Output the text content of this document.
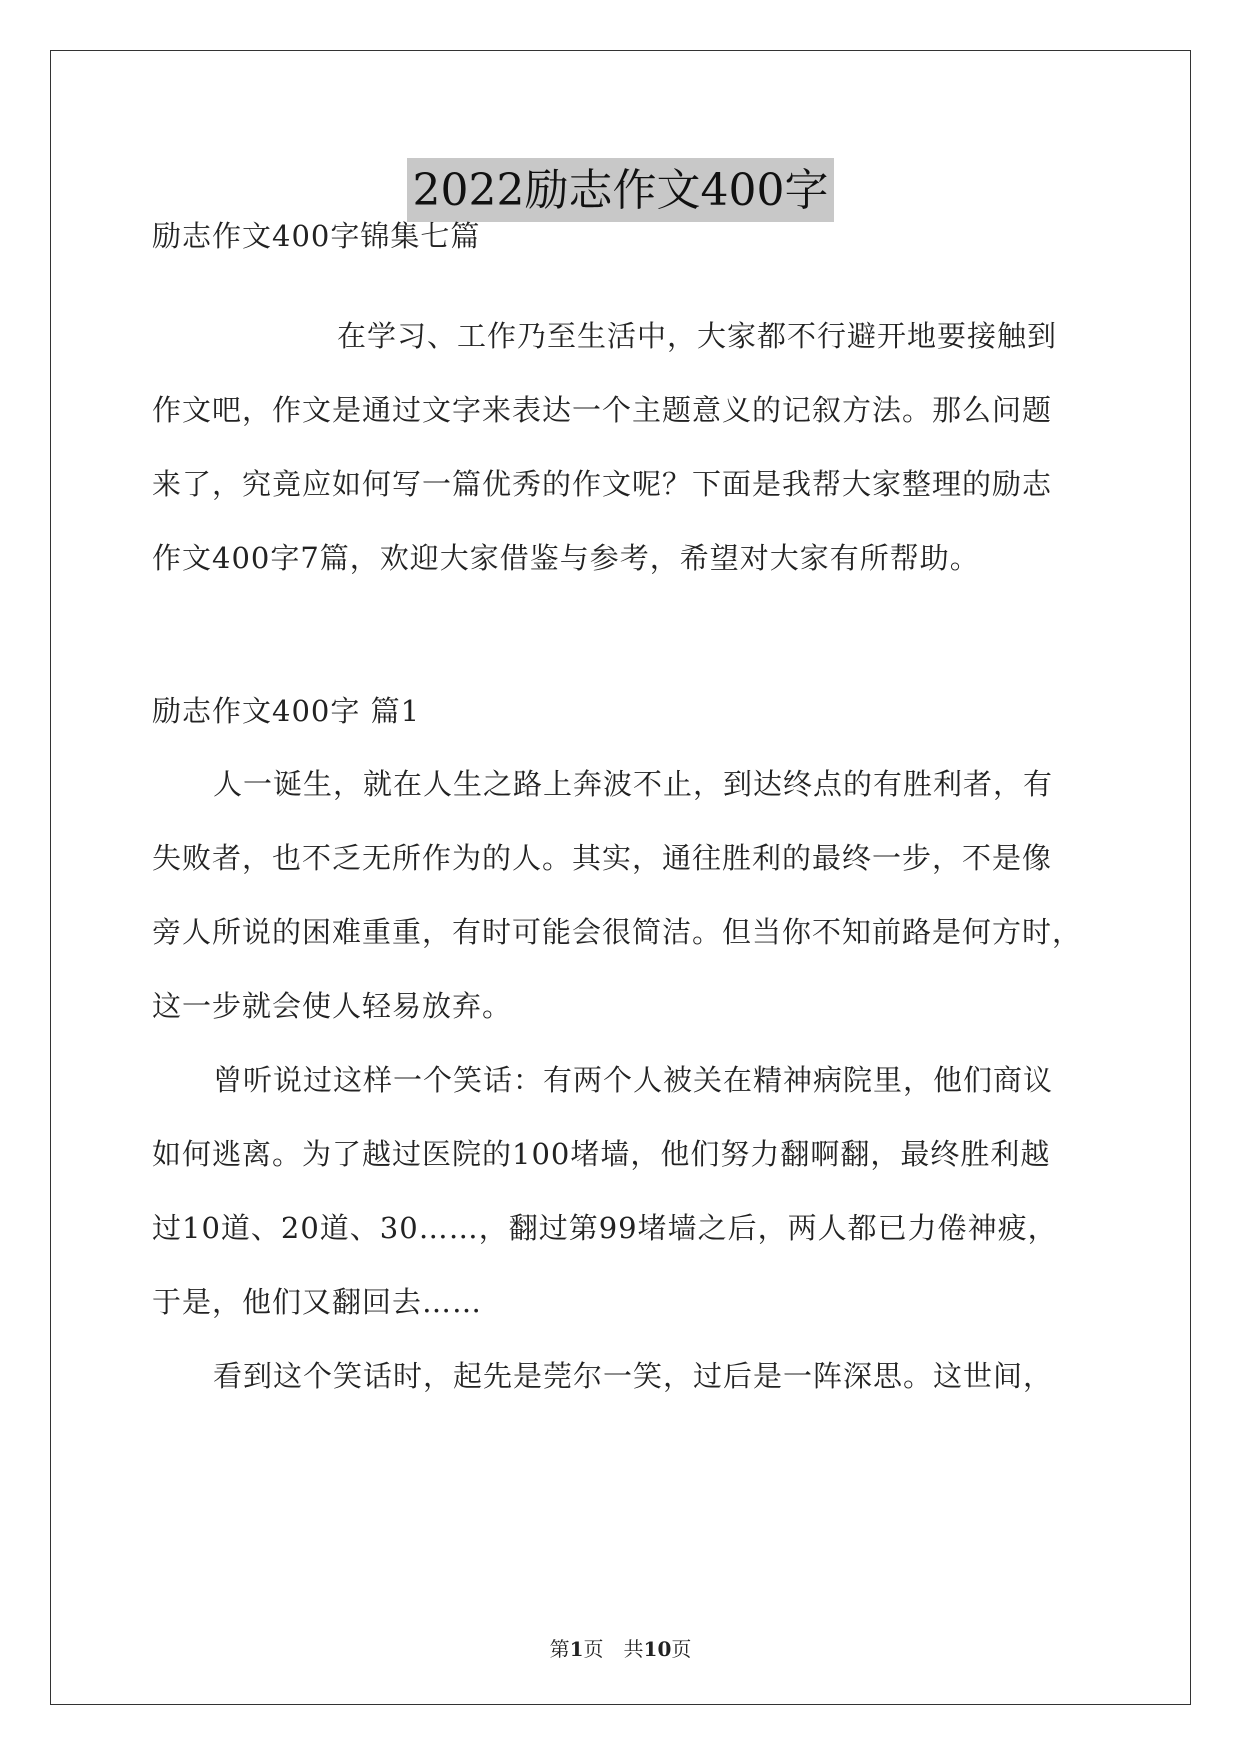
2022励志作文400字
励志作文400字锦集七篇
在学习、工作乃至生活中，大家都不行避开地要接触到
作文吧，作文是通过文字来表达一个主题意义的记叙方法。那么问题
来了，究竟应如何写一篇优秀的作文呢？下面是我帮大家整理的励志
作文400字7篇，欢迎大家借鉴与参考，希望对大家有所帮助。
励志作文400字 篇1
人一诞生，就在人生之路上奔波不止，到达终点的有胜利者，有
失败者，也不乏无所作为的人。其实，通往胜利的最终一步，不是像
旁人所说的困难重重，有时可能会很简洁。但当你不知前路是何方时，
这一步就会使人轻易放弃。
曾听说过这样一个笑话：有两个人被关在精神病院里，他们商议
如何逃离。为了越过医院的100堵墙，他们努力翻啊翻，最终胜利越
过10道、20道、30……，翻过第99堵墙之后，两人都已力倦神疲，
于是，他们又翻回去……
看到这个笑话时，起先是莞尔一笑，过后是一阵深思。这世间，
第1页　共10页
